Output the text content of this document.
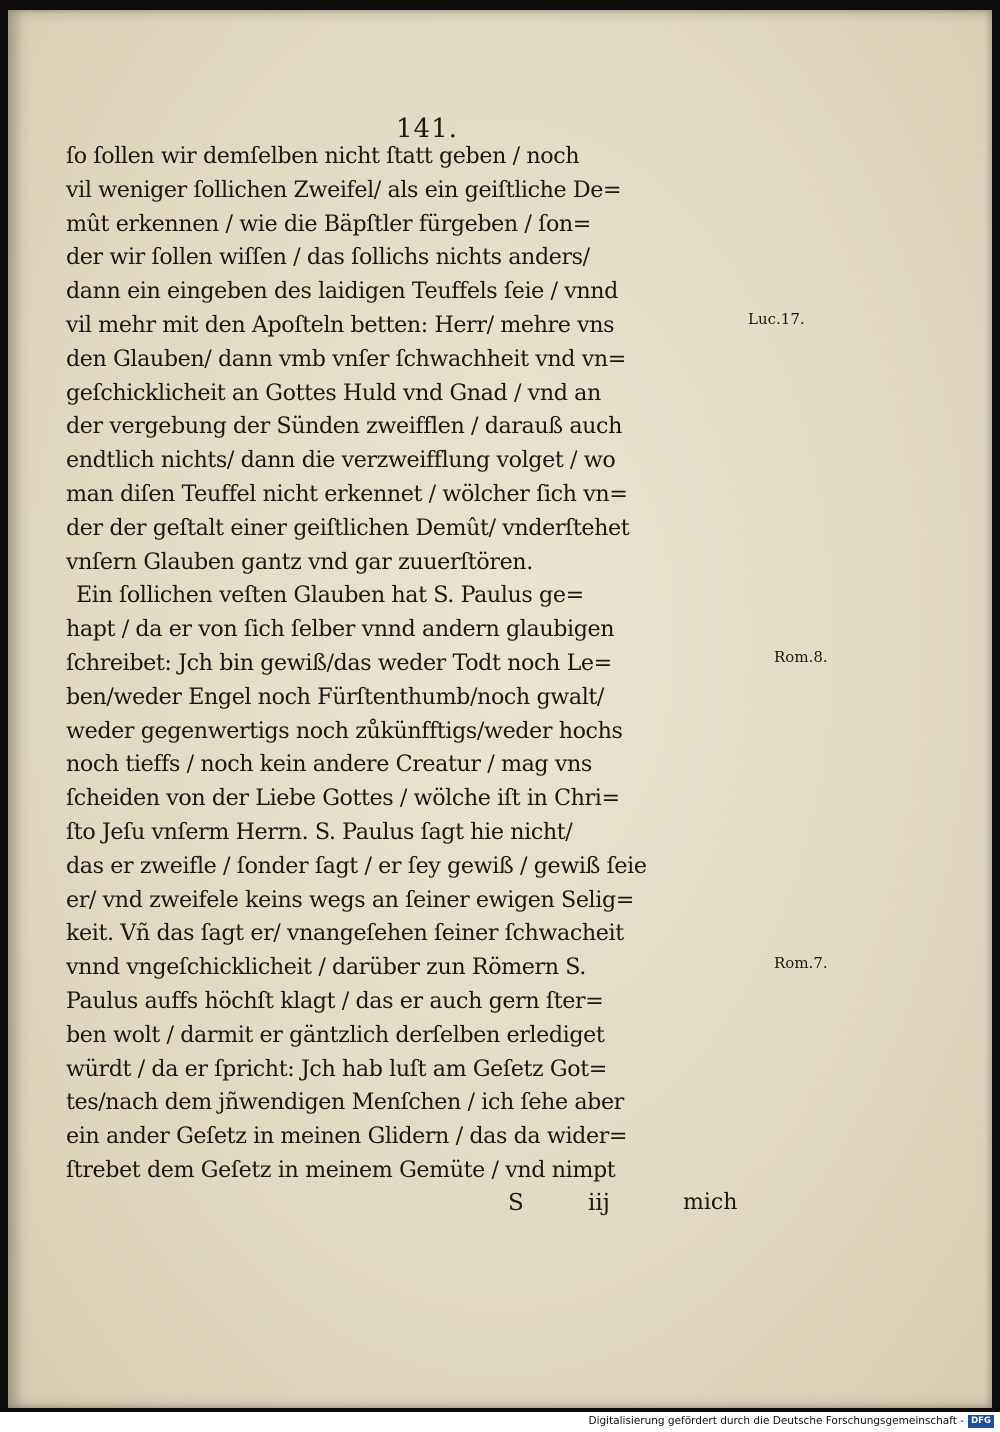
141.
ſo ſollen wir demſelben nicht ſtatt geben / noch
vil weniger ſollichen Zweifel/ als ein geiſtliche De=
mût erkennen / wie die Bäpſtler fürgeben / ſon=
der wir ſollen wiſſen / das ſollichs nichts anders/
dann ein eingeben des laidigen Teuffels ſeie / vnnd
vil mehr mit den Apoſteln betten: Herr/ mehre vns
den Glauben/ dann vmb vnſer ſchwachheit vnd vn=
geſchicklicheit an Gottes Huld vnd Gnad / vnd an
der vergebung der Sünden zweifflen / darauß auch
endtlich nichts/ dann die verzweifflung volget / wo
man diſen Teuffel nicht erkennet / wölcher ſich vn=
der der geſtalt einer geiſtlichen Demût/ vnderſtehet
vnſern Glauben gantz vnd gar zuuerſtören.
Ein ſollichen veſten Glauben hat S. Paulus ge=
hapt / da er von ſich ſelber vnnd andern glaubigen
ſchreibet: Jch bin gewiß/das weder Todt noch Le=
ben/weder Engel noch Fürſtenthumb/noch gwalt/
weder gegenwertigs noch zůkünfftigs/weder hochs
noch tieffs / noch kein andere Creatur / mag vns
ſcheiden von der Liebe Gottes / wölche iſt in Chri=
ſto Jeſu vnſerm Herrn. S. Paulus ſagt hie nicht/
das er zweifle / ſonder ſagt / er ſey gewiß / gewiß ſeie
er/ vnd zweifele keins wegs an ſeiner ewigen Selig=
keit. Vñ das ſagt er/ vnangeſehen ſeiner ſchwacheit
vnnd vngeſchicklicheit / darüber zun Römern S.
Paulus auffs höchſt klagt / das er auch gern ſter=
ben wolt / darmit er gäntzlich derſelben erlediget
würdt / da er ſpricht: Jch hab luſt am Geſetz Got=
tes/nach dem jñwendigen Menſchen / ich ſehe aber
ein ander Geſetz in meinen Glidern / das da wider=
ſtrebet dem Geſetz in meinem Gemüte / vnd nimpt
Luc.17.
Rom.8.
Rom.7.
S	iij	mich
Digitalisierung gefördert durch die Deutsche Forschungsgemeinschaft - DFG
